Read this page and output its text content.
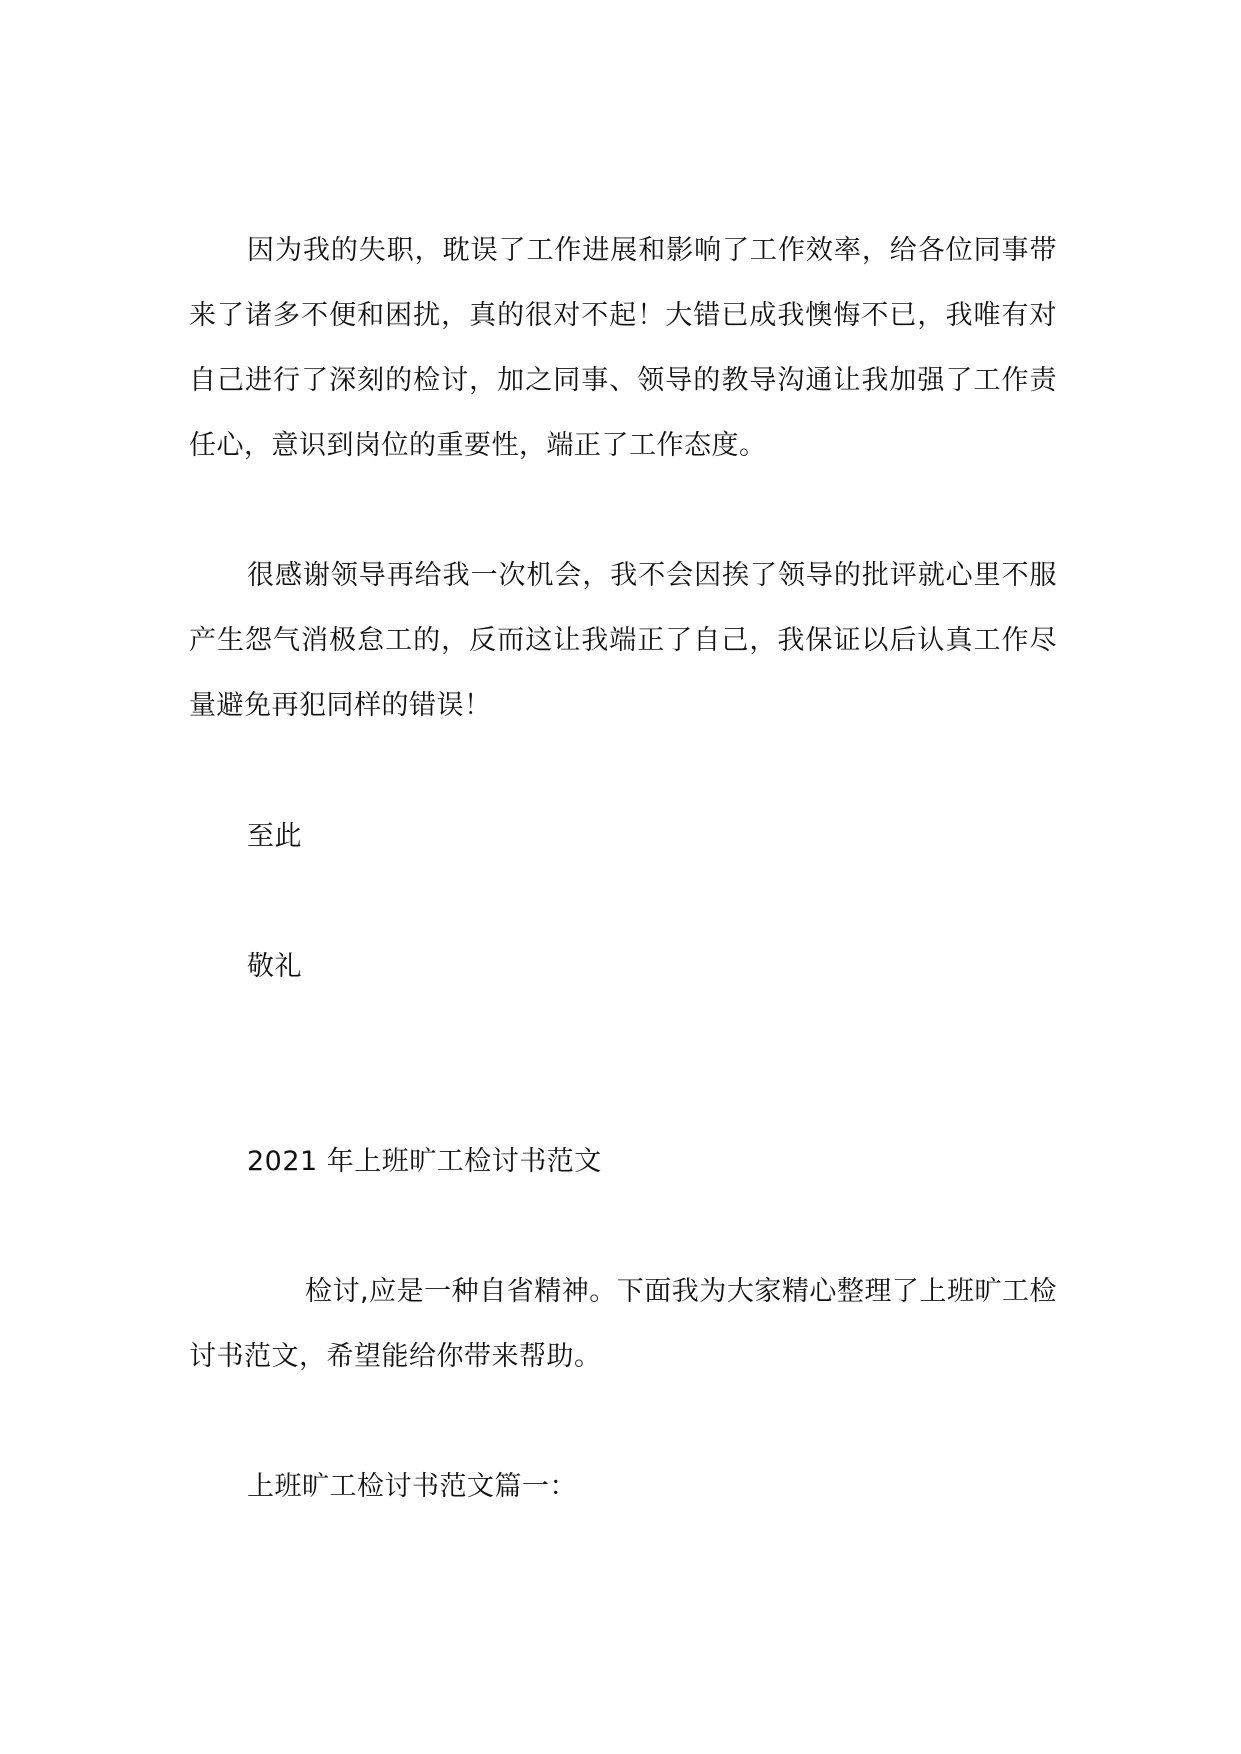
因为我的失职，耽误了工作进展和影响了工作效率，给各位同事带来了诸多不便和困扰，真的很对不起！大错已成我懊悔不已，我唯有对自己进行了深刻的检讨，加之同事、领导的教导沟通让我加强了工作责任心，意识到岗位的重要性，端正了工作态度。

很感谢领导再给我一次机会，我不会因挨了领导的批评就心里不服产生怨气消极怠工的，反而这让我端正了自己，我保证以后认真工作尽量避免再犯同样的错误！

至此

敬礼

2021 年上班旷工检讨书范文

检讨,应是一种自省精神。下面我为大家精心整理了上班旷工检讨书范文，希望能给你带来帮助。

上班旷工检讨书范文篇一：
